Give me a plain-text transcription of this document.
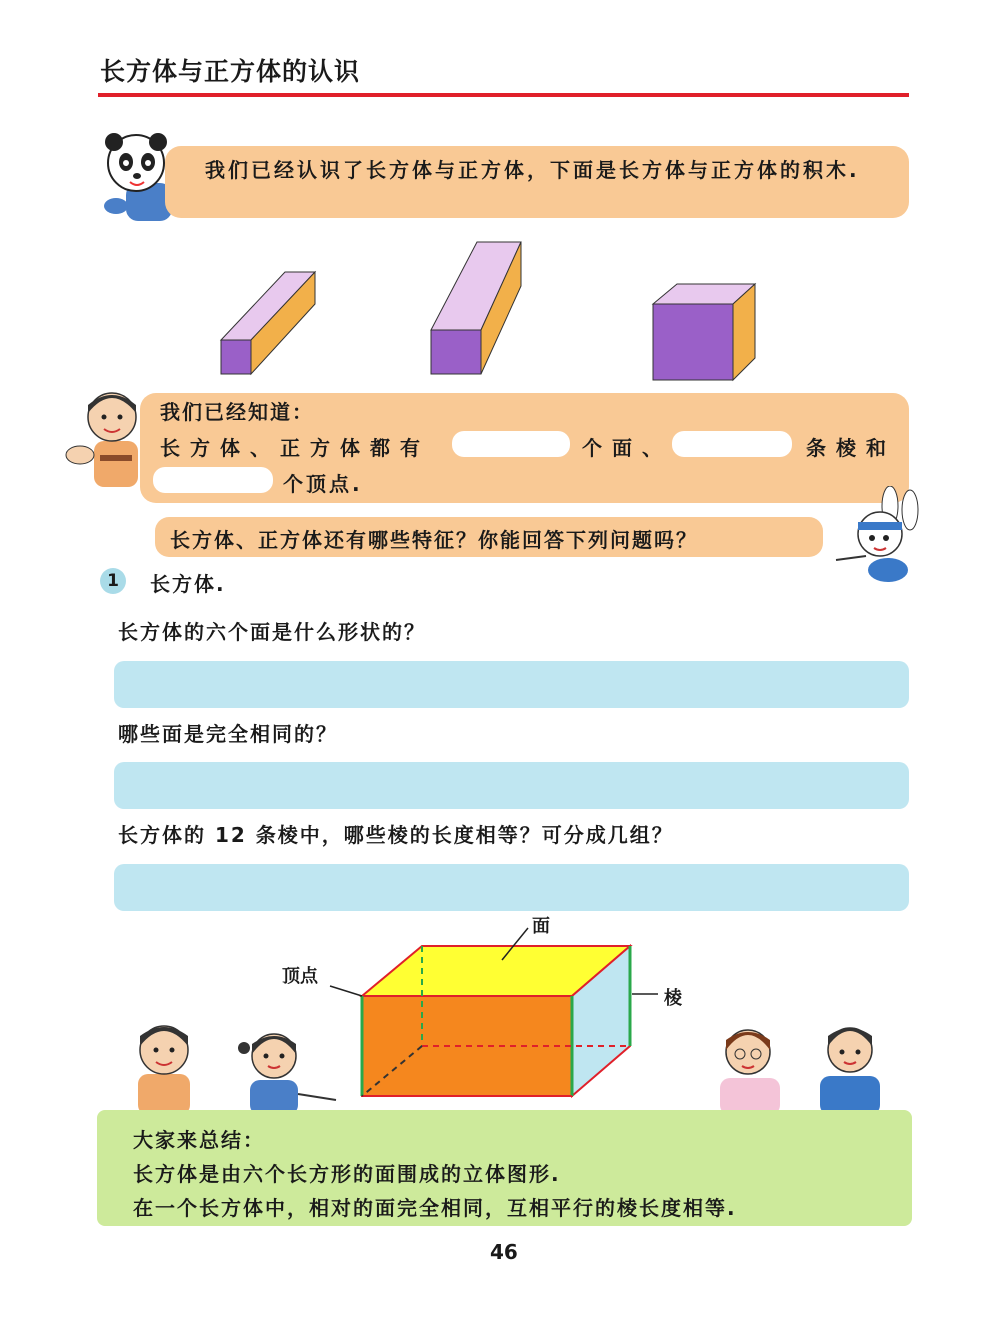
长方体与正方体的认识
我们已经认识了长方体与正方体，下面是长方体与正方体的积木.
我们已经知道：
长方体、正方体都有	个面、	条棱和
个顶点.
长方体、正方体还有哪些特征？你能回答下列问题吗？
1	长方体.
长方体的六个面是什么形状的？
哪些面是完全相同的？
长方体的 12 条棱中，哪些棱的长度相等？可分成几组？
面
顶点
棱
大家来总结：
长方体是由六个长方形的面围成的立体图形.
在一个长方体中，相对的面完全相同，互相平行的棱长度相等.
46
